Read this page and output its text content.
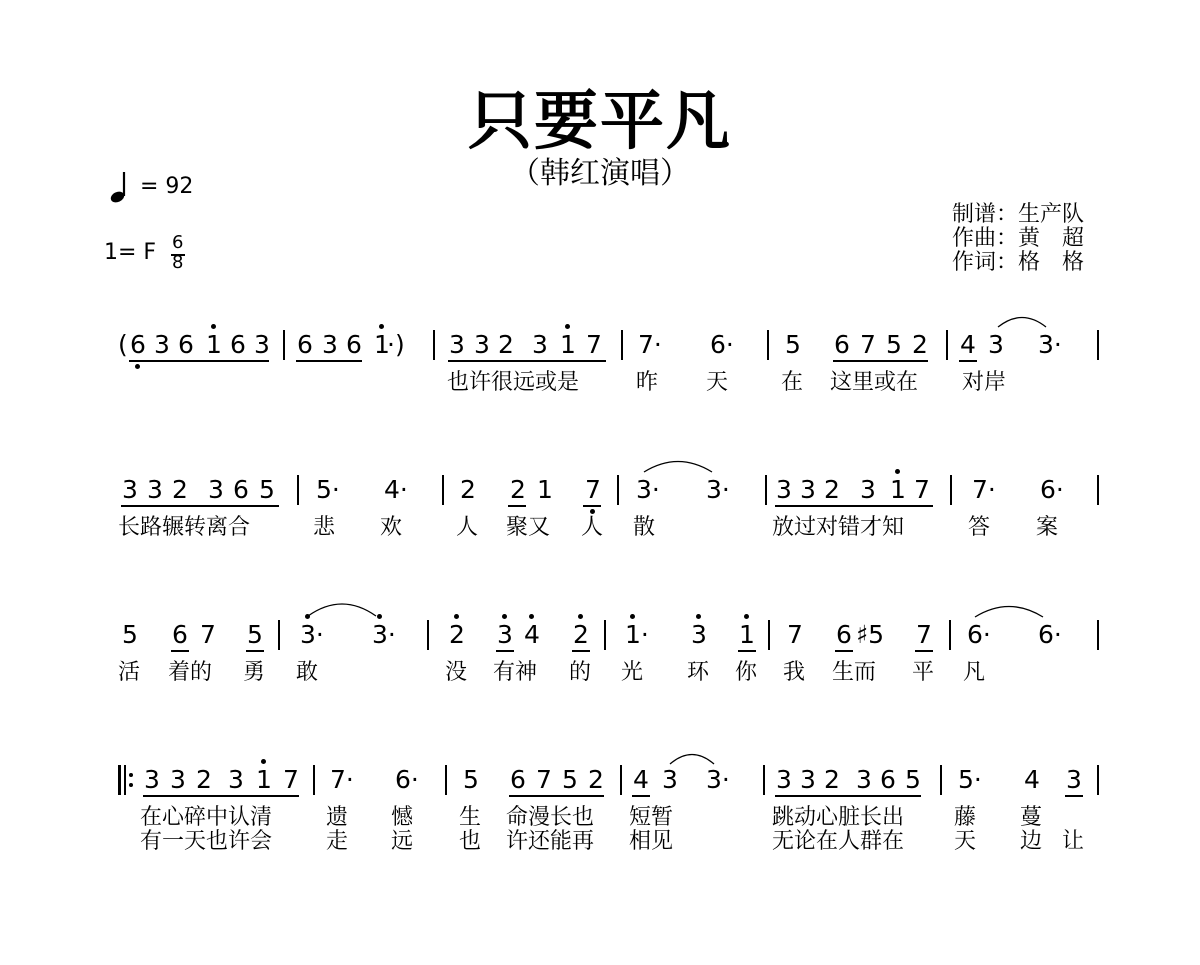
只要平凡
（韩红演唱）

= 92

1= F

6

8

制谱：生产队
作曲：黄　超
作词：格　格
( 6 3 6 1 6 3 6 3 6 1
·) 3 3 2 3 1 7 7· 6· 5 6 7 5 2 4 3 3·
也许很远或是	昨 天 在 这里或在 对岸
3 3 2 3 6 5 5· 4· 2 2 1 7 3· 3· 3 3 2 3 1 7 7· 6·
长路辗转离合	悲 欢 人 聚又 人 散	放过对错才知	答 案
5 6 7 5 3· 3· 2 3 4 2 1· 3 1 7 6 ♯5 7 6· 6·
活 着的 勇 敢	没 有神 的 光 环 你 我 生而 平 凡
3 3 2 3 1 7 7· 6· 5 6 7 5 2 4 3 3· 3 3 2 3 6 5 5· 4 3
在心碎中认清 遗 憾 生 命漫长也 短暂	跳动心脏长出 藤 蔓
有一天也许会 走 远 也 许还能再 相见	无论在人群在 天 边 让
